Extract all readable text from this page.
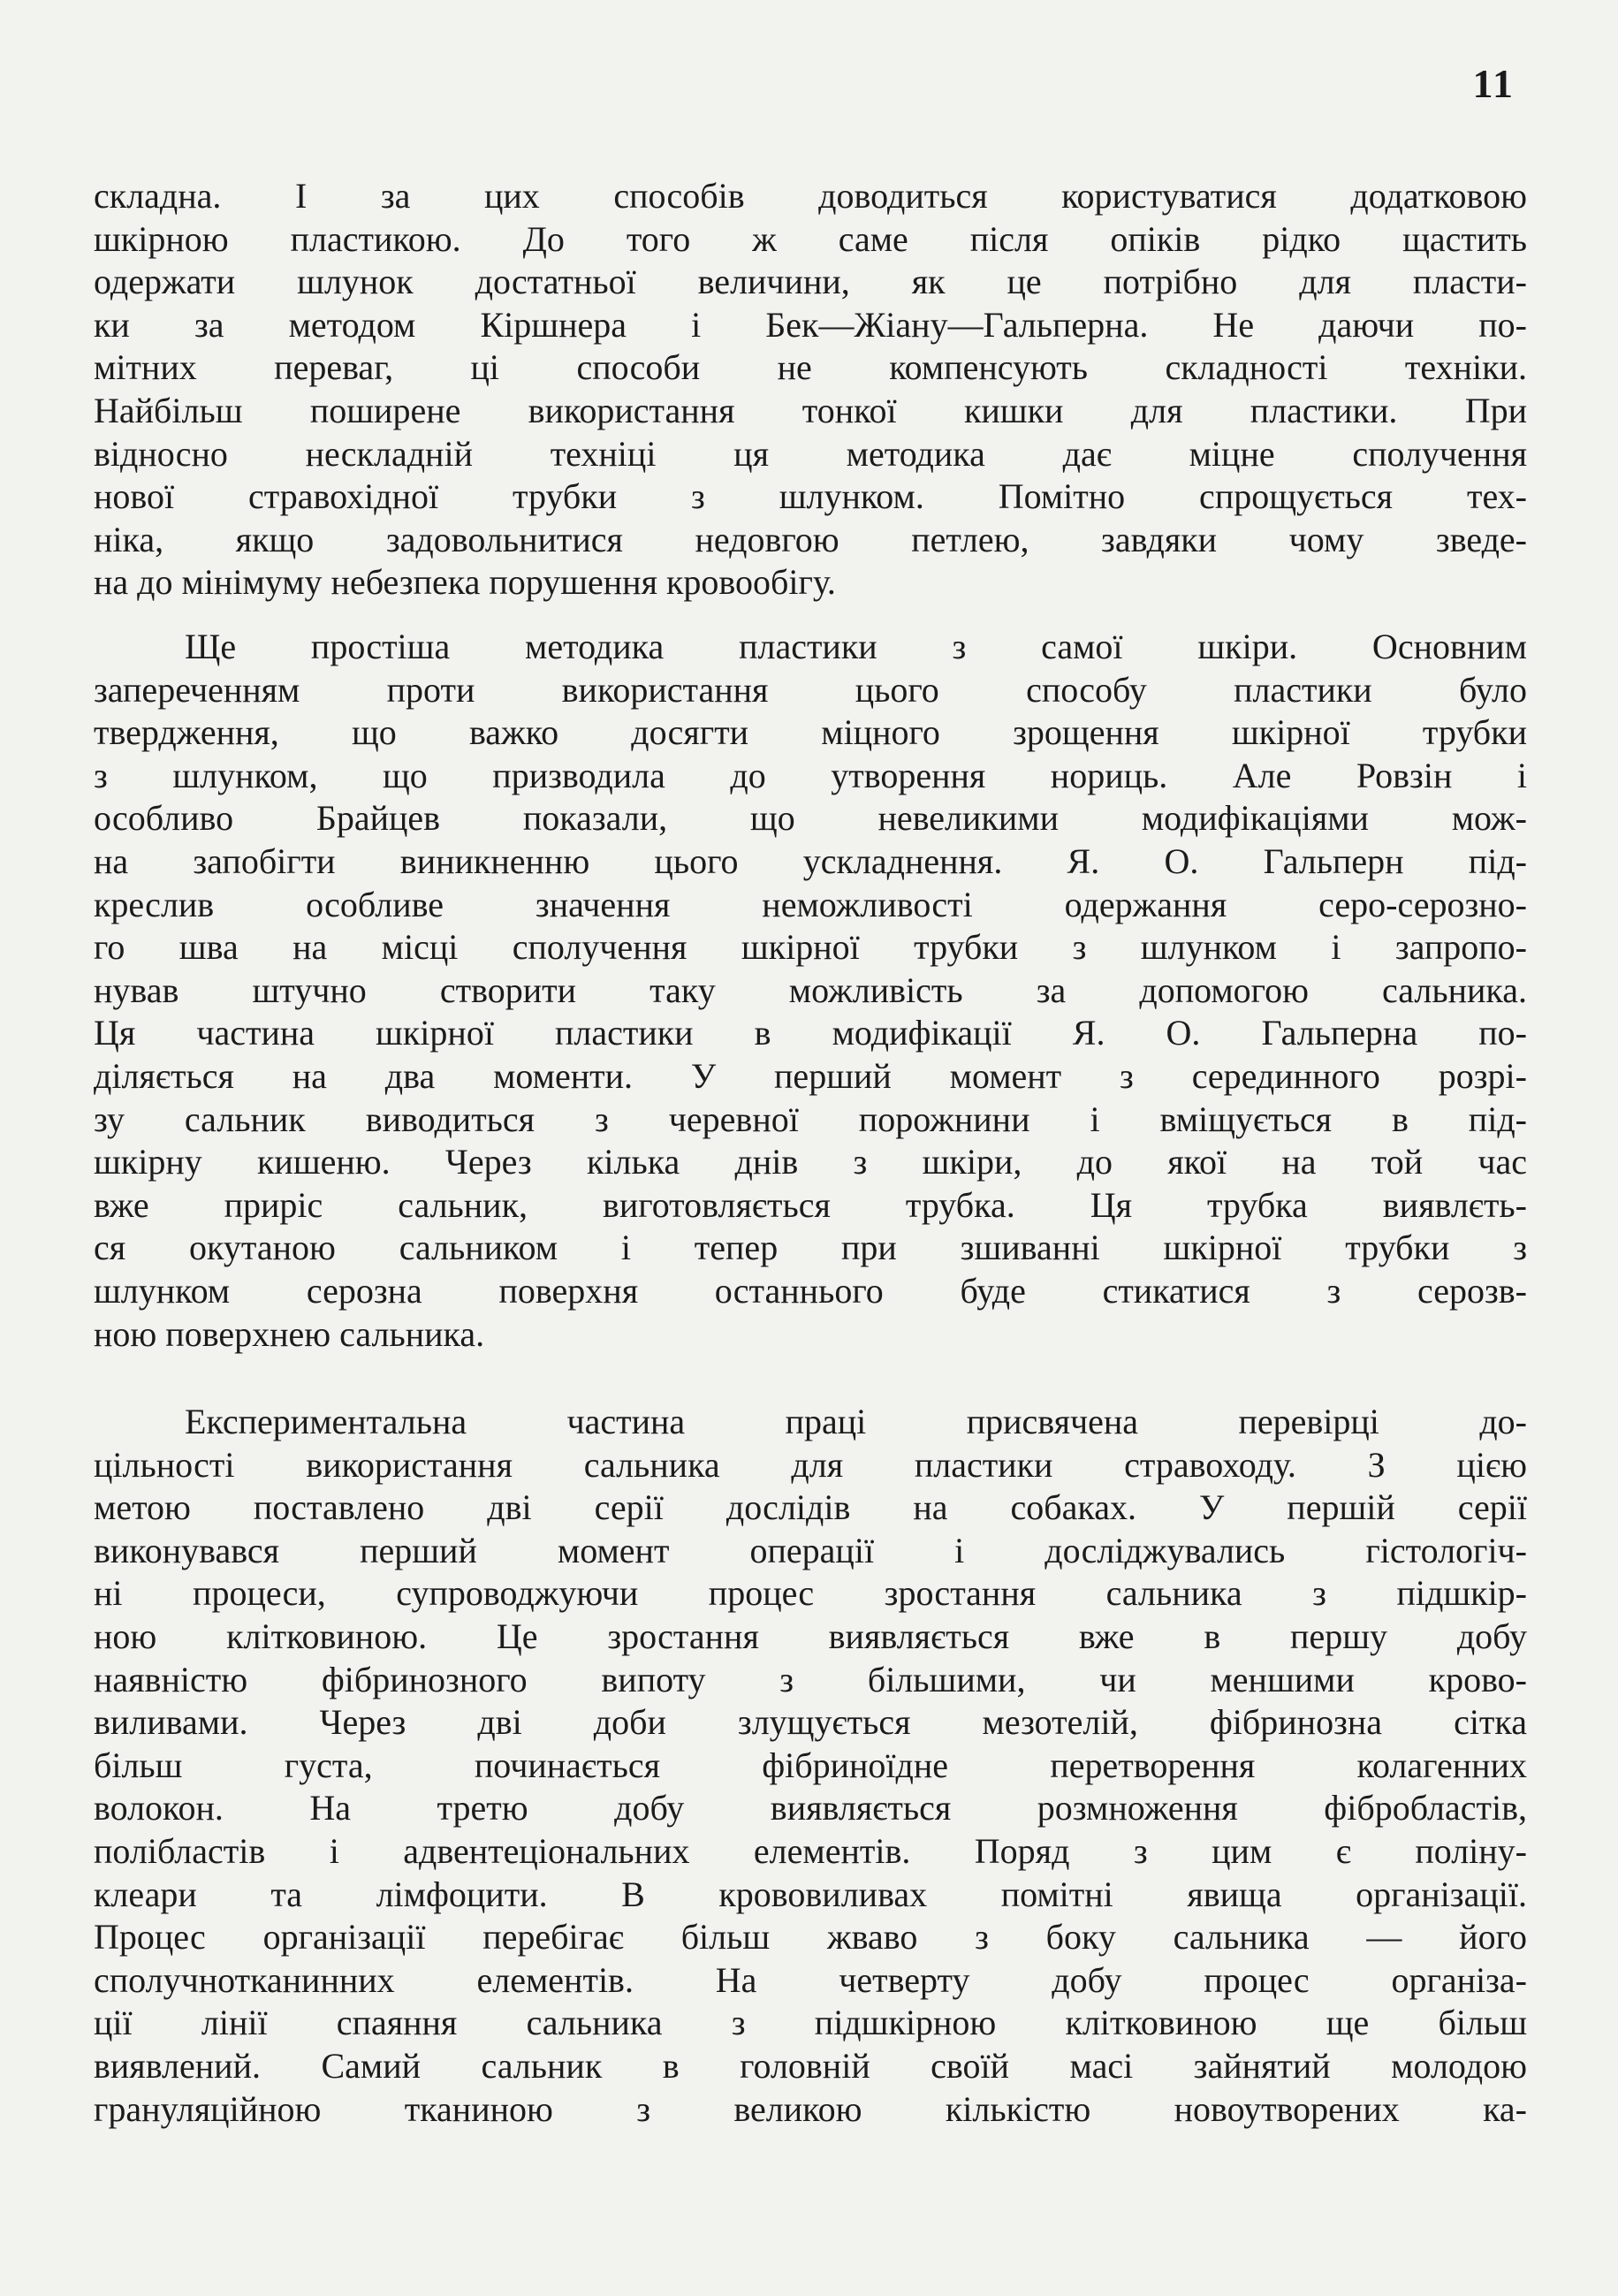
11
складна. І за цих способів доводиться користуватися додатковою
шкірною пластикою. До того ж саме після опіків рідко щастить
одержати шлунок достатньої величини, як це потрібно для пласти-
ки за методом Кіршнера і Бек—Жіану—Гальперна. Не даючи по-
мітних переваг, ці способи не компенсують складності техніки.
Найбільш поширене використання тонкої кишки для пластики. При
відносно нескладній техніці ця методика дає міцне сполучення
нової стравохідної трубки з шлунком. Помітно спрощується тех-
ніка, якщо задовольнитися недовгою петлею, завдяки чому зведе-
на до мінімуму небезпека порушення кровообігу.
Ще простіша методика пластики з самої шкіри. Основним
запереченням проти використання цього способу пластики було
твердження, що важко досягти міцного зрощення шкірної трубки
з шлунком, що призводила до утворення нориць. Але Ровзін і
особливо Брайцев показали, що невеликими модифікаціями мож-
на запобігти виникненню цього ускладнення. Я. О. Гальперн під-
креслив особливе значення неможливості одержання серо-серозно-
го шва на місці сполучення шкірної трубки з шлунком і запропо-
нував штучно створити таку можливість за допомогою сальника.
Ця частина шкірної пластики в модифікації Я. О. Гальперна по-
діляється на два моменти. У перший момент з серединного розрі-
зу сальник виводиться з черевної порожнини і вміщується в під-
шкірну кишеню. Через кілька днів з шкіри, до якої на той час
вже приріс сальник, виготовляється трубка. Ця трубка виявлєть-
ся окутаною сальником і тепер при зшиванні шкірної трубки з
шлунком серозна поверхня останнього буде стикатися з серозв-
ною поверхнею сальника.
Експериментальна частина праці присвячена перевірці до-
цільності використання сальника для пластики стравоходу. З цією
метою поставлено дві серії дослідів на собаках. У першій серії
виконувався перший момент операції і досліджувались гістологіч-
ні процеси, супроводжуючи процес зростання сальника з підшкір-
ною клітковиною. Це зростання виявляється вже в першу добу
наявністю фібринозного випоту з більшими, чи меншими крово-
виливами. Через дві доби злущується мезотелій, фібринозна сітка
більш густа, починається фібриноїдне перетворення колагенних
волокон. На третю добу виявляється розмноження фібробластів,
полібластів і адвентеціональних елементів. Поряд з цим є поліну-
клеари та лімфоцити. В крововиливах помітні явища організації.
Процес організації перебігає більш жваво з боку сальника — його
сполучнотканинних елементів. На четверту добу процес організа-
ції лінії спаяння сальника з підшкірною клітковиною ще більш
виявлений. Самий сальник в головній своїй масі зайнятий молодою
грануляційною тканиною з великою кількістю новоутворених ка-
